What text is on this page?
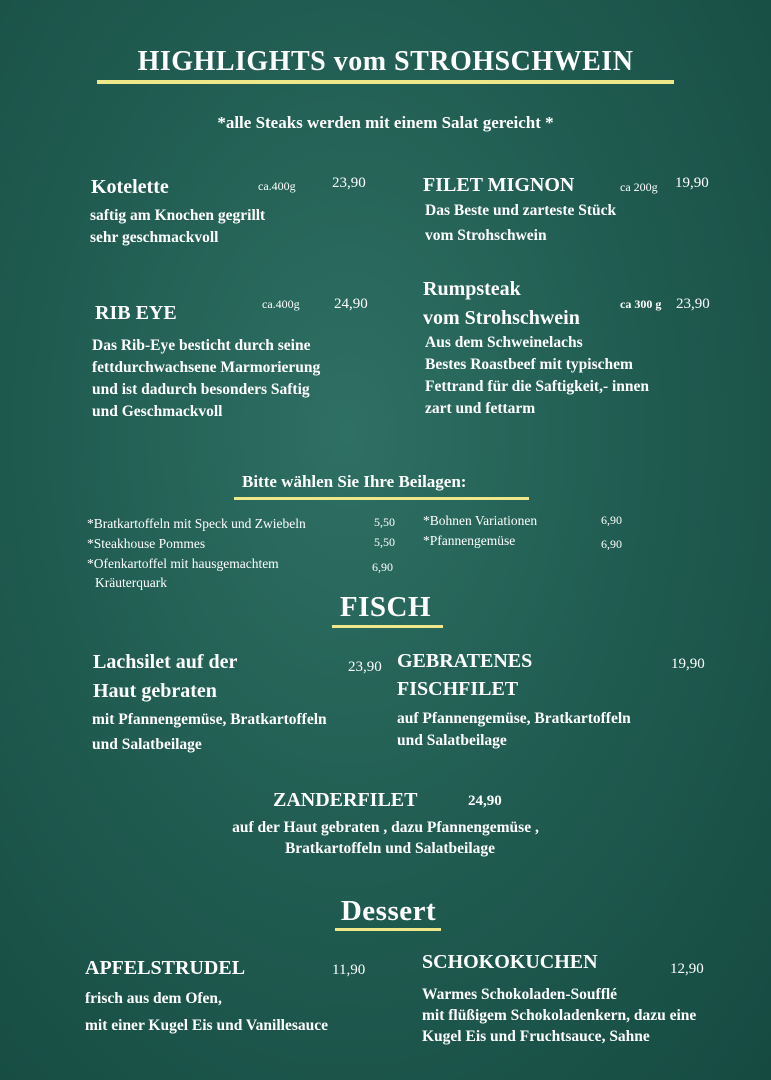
HIGHLIGHTS vom STROHSCHWEIN
*alle Steaks werden mit einem Salat gereicht *
Kotelette	ca.400g 23,90
saftig am Knochen gegrillt
sehr geschmackvoll
FILET MIGNON	ca 200g 19,90
Das Beste und zarteste Stück
vom Strohschwein
RIB EYE	ca.400g 24,90
Das Rib-Eye besticht durch seine
fettdurchwachsene Marmorierung
und ist dadurch besonders Saftig
und Geschmackvoll
Rumpsteak
vom Strohschwein
ca 300 g 23,90
Aus dem Schweinelachs
Bestes Roastbeef mit typischem
Fettrand für die Saftigkeit,- innen
zart und fettarm
Bitte wählen Sie Ihre Beilagen:
*Bratkartoffeln mit Speck und Zwiebeln	5,50
*Steakhouse Pommes	5,50
*Ofenkartoffel mit hausgemachtem
Kräuterquark
6,90
*Bohnen Variationen	6,90
*Pfannengemüse	6,90
FISCH
Lachsilet auf der
Haut gebraten
23,90
mit Pfannengemüse, Bratkartoffeln
und Salatbeilage
GEBRATENES
FISCHFILET
19,90
auf Pfannengemüse, Bratkartoffeln
und Salatbeilage
ZANDERFILET	24,90
auf der Haut gebraten , dazu Pfannengemüse ,
Bratkartoffeln und Salatbeilage
Dessert
APFELSTRUDEL	11,90
frisch aus dem Ofen,
mit einer Kugel Eis und Vanillesauce
SCHOKOKUCHEN	12,90
Warmes Schokoladen-Soufflé
mit flüßigem Schokoladenkern, dazu eine
Kugel Eis und Fruchtsauce, Sahne
